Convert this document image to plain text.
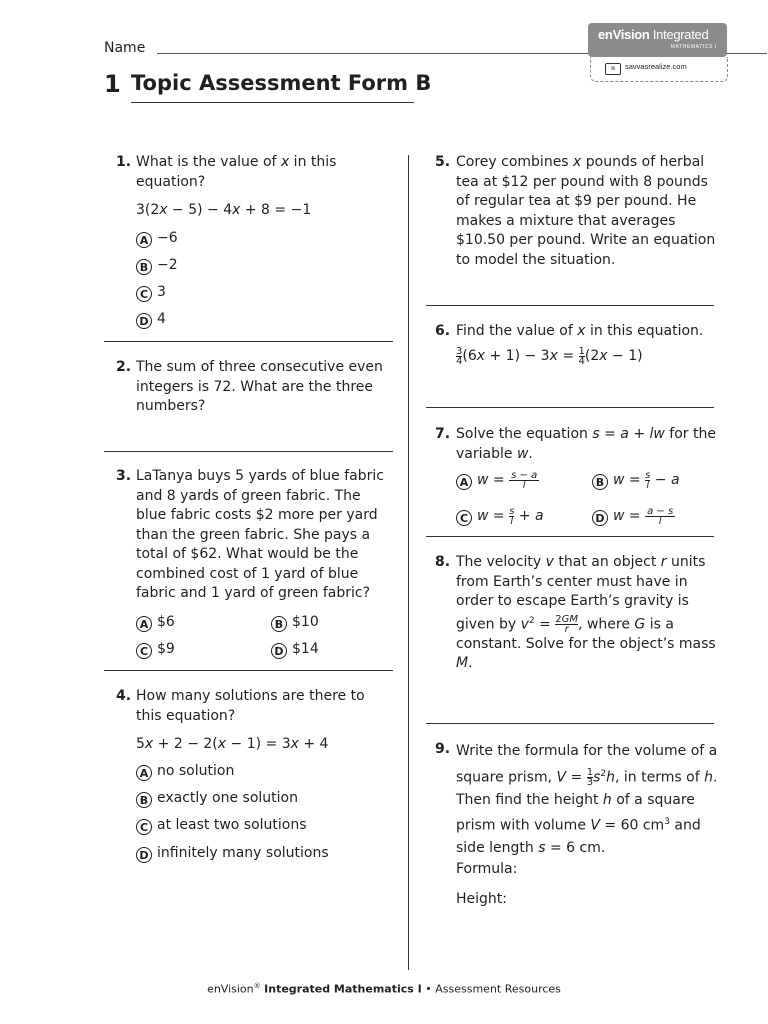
Name
enVision Integrated
MATHEMATICS I
≋	savvasrealize.com
1 Topic Assessment Form B
1. What is the value of x in this equation?
3(2x − 5) − 4x + 8 = −1
A −6
B −2
C 3
D 4
2. The sum of three consecutive even integers is 72. What are the three numbers?
3. LaTanya buys 5 yards of blue fabric and 8 yards of green fabric. The blue fabric costs $2 more per yard than the green fabric. She pays a total of $62. What would be the combined cost of 1 yard of blue fabric and 1 yard of green fabric?
A $6	B $10
C $9	D $14
4. How many solutions are there to this equation?
5x + 2 − 2(x − 1) = 3x + 4
A no solution
B exactly one solution
C at least two solutions
D infinitely many solutions
5. Corey combines x pounds of herbal tea at $12 per pound with 8 pounds of regular tea at $9 per pound. He makes a mixture that averages $10.50 per pound. Write an equation to model the situation.
6. Find the value of x in this equation.
3
4(6x + 1) − 3x = 1
4(2x − 1)
7. Solve the equation s = a + lw for the variable w.
A $w = \frac{s - a}{l}$	B $w = \frac{s}{l} - a$
C $w = \frac{s}{l} + a$	D $w = \frac{a - s}{l}$
8. The velocity v that an object r units from Earth’s center must have in order to escape Earth’s gravity is given by $v^2 = \frac{2GM}{r}$, where G is a constant. Solve for the object’s mass M.
9. Write the formula for the volume of a square prism, V = 1
$3s^2h$, in terms of h. Then find the height h of a square prism with volume V = 60 $cm^3$ and side length s = 6 cm.
Formula:
Height:
enVision® Integrated Mathematics I • Assessment Resources
